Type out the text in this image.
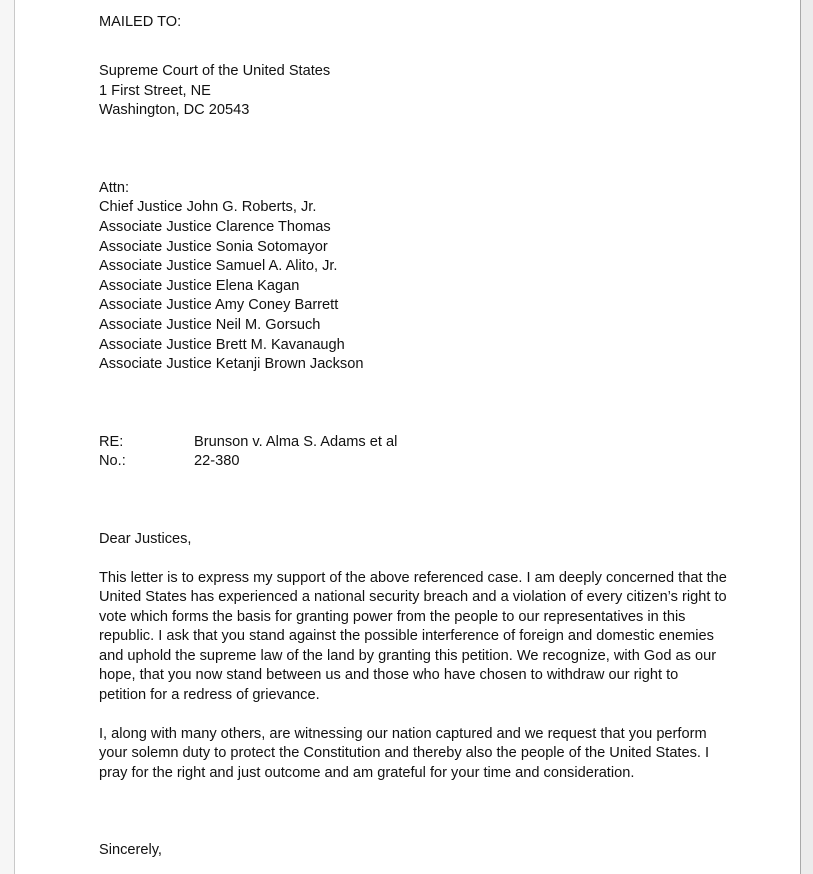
MAILED TO:

Supreme Court of the United States
1 First Street, NE
Washington, DC 20543
Attn:
Chief Justice John G. Roberts, Jr.
Associate Justice Clarence Thomas
Associate Justice Sonia Sotomayor
Associate Justice Samuel A. Alito, Jr.
Associate Justice Elena Kagan
Associate Justice Amy Coney Barrett
Associate Justice Neil M. Gorsuch
Associate Justice Brett M. Kavanaugh
Associate Justice Ketanji Brown Jackson
RE:	Brunson v. Alma S. Adams et al
No.:	22-380

Dear Justices,

This letter is to express my support of the above referenced case. I am deeply concerned that the
United States has experienced a national security breach and a violation of every citizen’s right to
vote which forms the basis for granting power from the people to our representatives in this
republic. I ask that you stand against the possible interference of foreign and domestic enemies
and uphold the supreme law of the land by granting this petition. We recognize, with God as our
hope, that you now stand between us and those who have chosen to withdraw our right to
petition for a redress of grievance.
I, along with many others, are witnessing our nation captured and we request that you perform
your solemn duty to protect the Constitution and thereby also the people of the United States. I
pray for the right and just outcome and am grateful for your time and consideration.

Sincerely,
